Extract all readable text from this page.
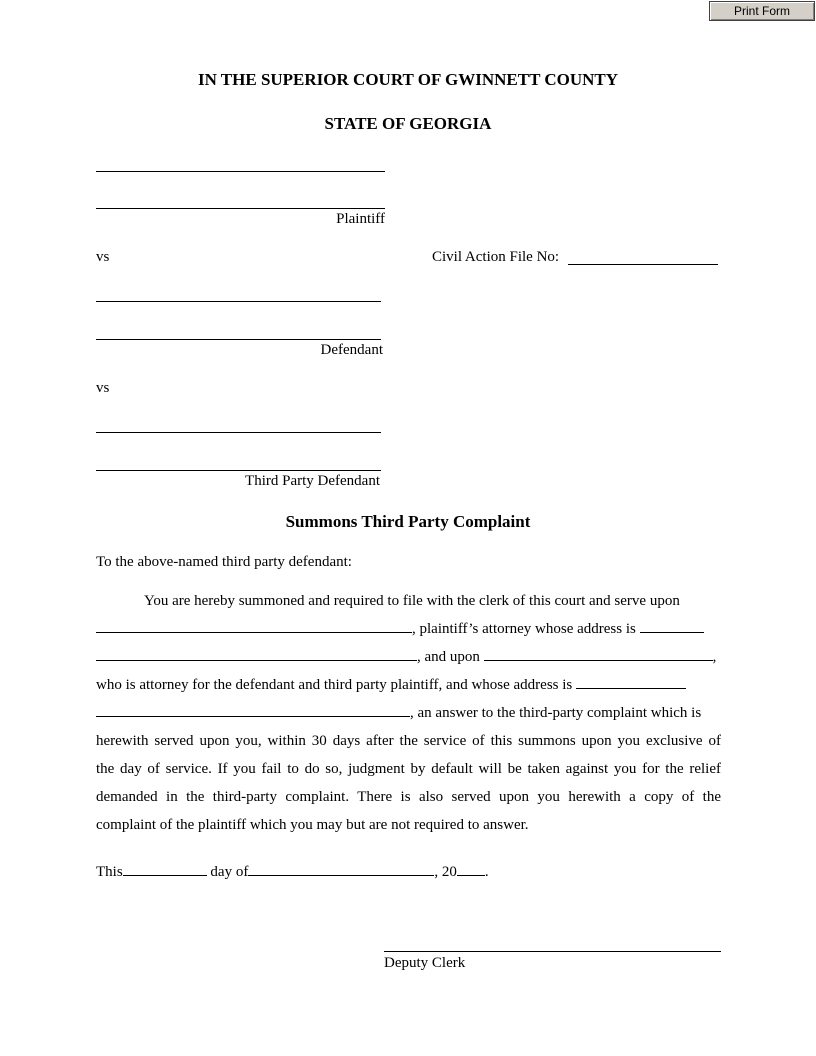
Print Form
IN THE SUPERIOR COURT OF GWINNETT COUNTY
STATE OF GEORGIA
Plaintiff
vs	Civil Action File No:
Defendant
vs
Third Party Defendant
Summons Third Party Complaint
To the above-named third party defendant:
You are hereby summoned and required to file with the clerk of this court and serve upon
, plaintiff’s attorney whose address is
, and upon	,
who is attorney for the defendant and third party plaintiff, and whose address is
, an answer to the third-party complaint which is
herewith served upon you, within 30 days after the service of this summons upon you exclusive of
the day of service. If you fail to do so, judgment by default will be taken against you for the relief
demanded in the third-party complaint. There is also served upon you herewith a copy of the
complaint of the plaintiff which you may but are not required to answer.
This	day of	, 20 .
Deputy Clerk
